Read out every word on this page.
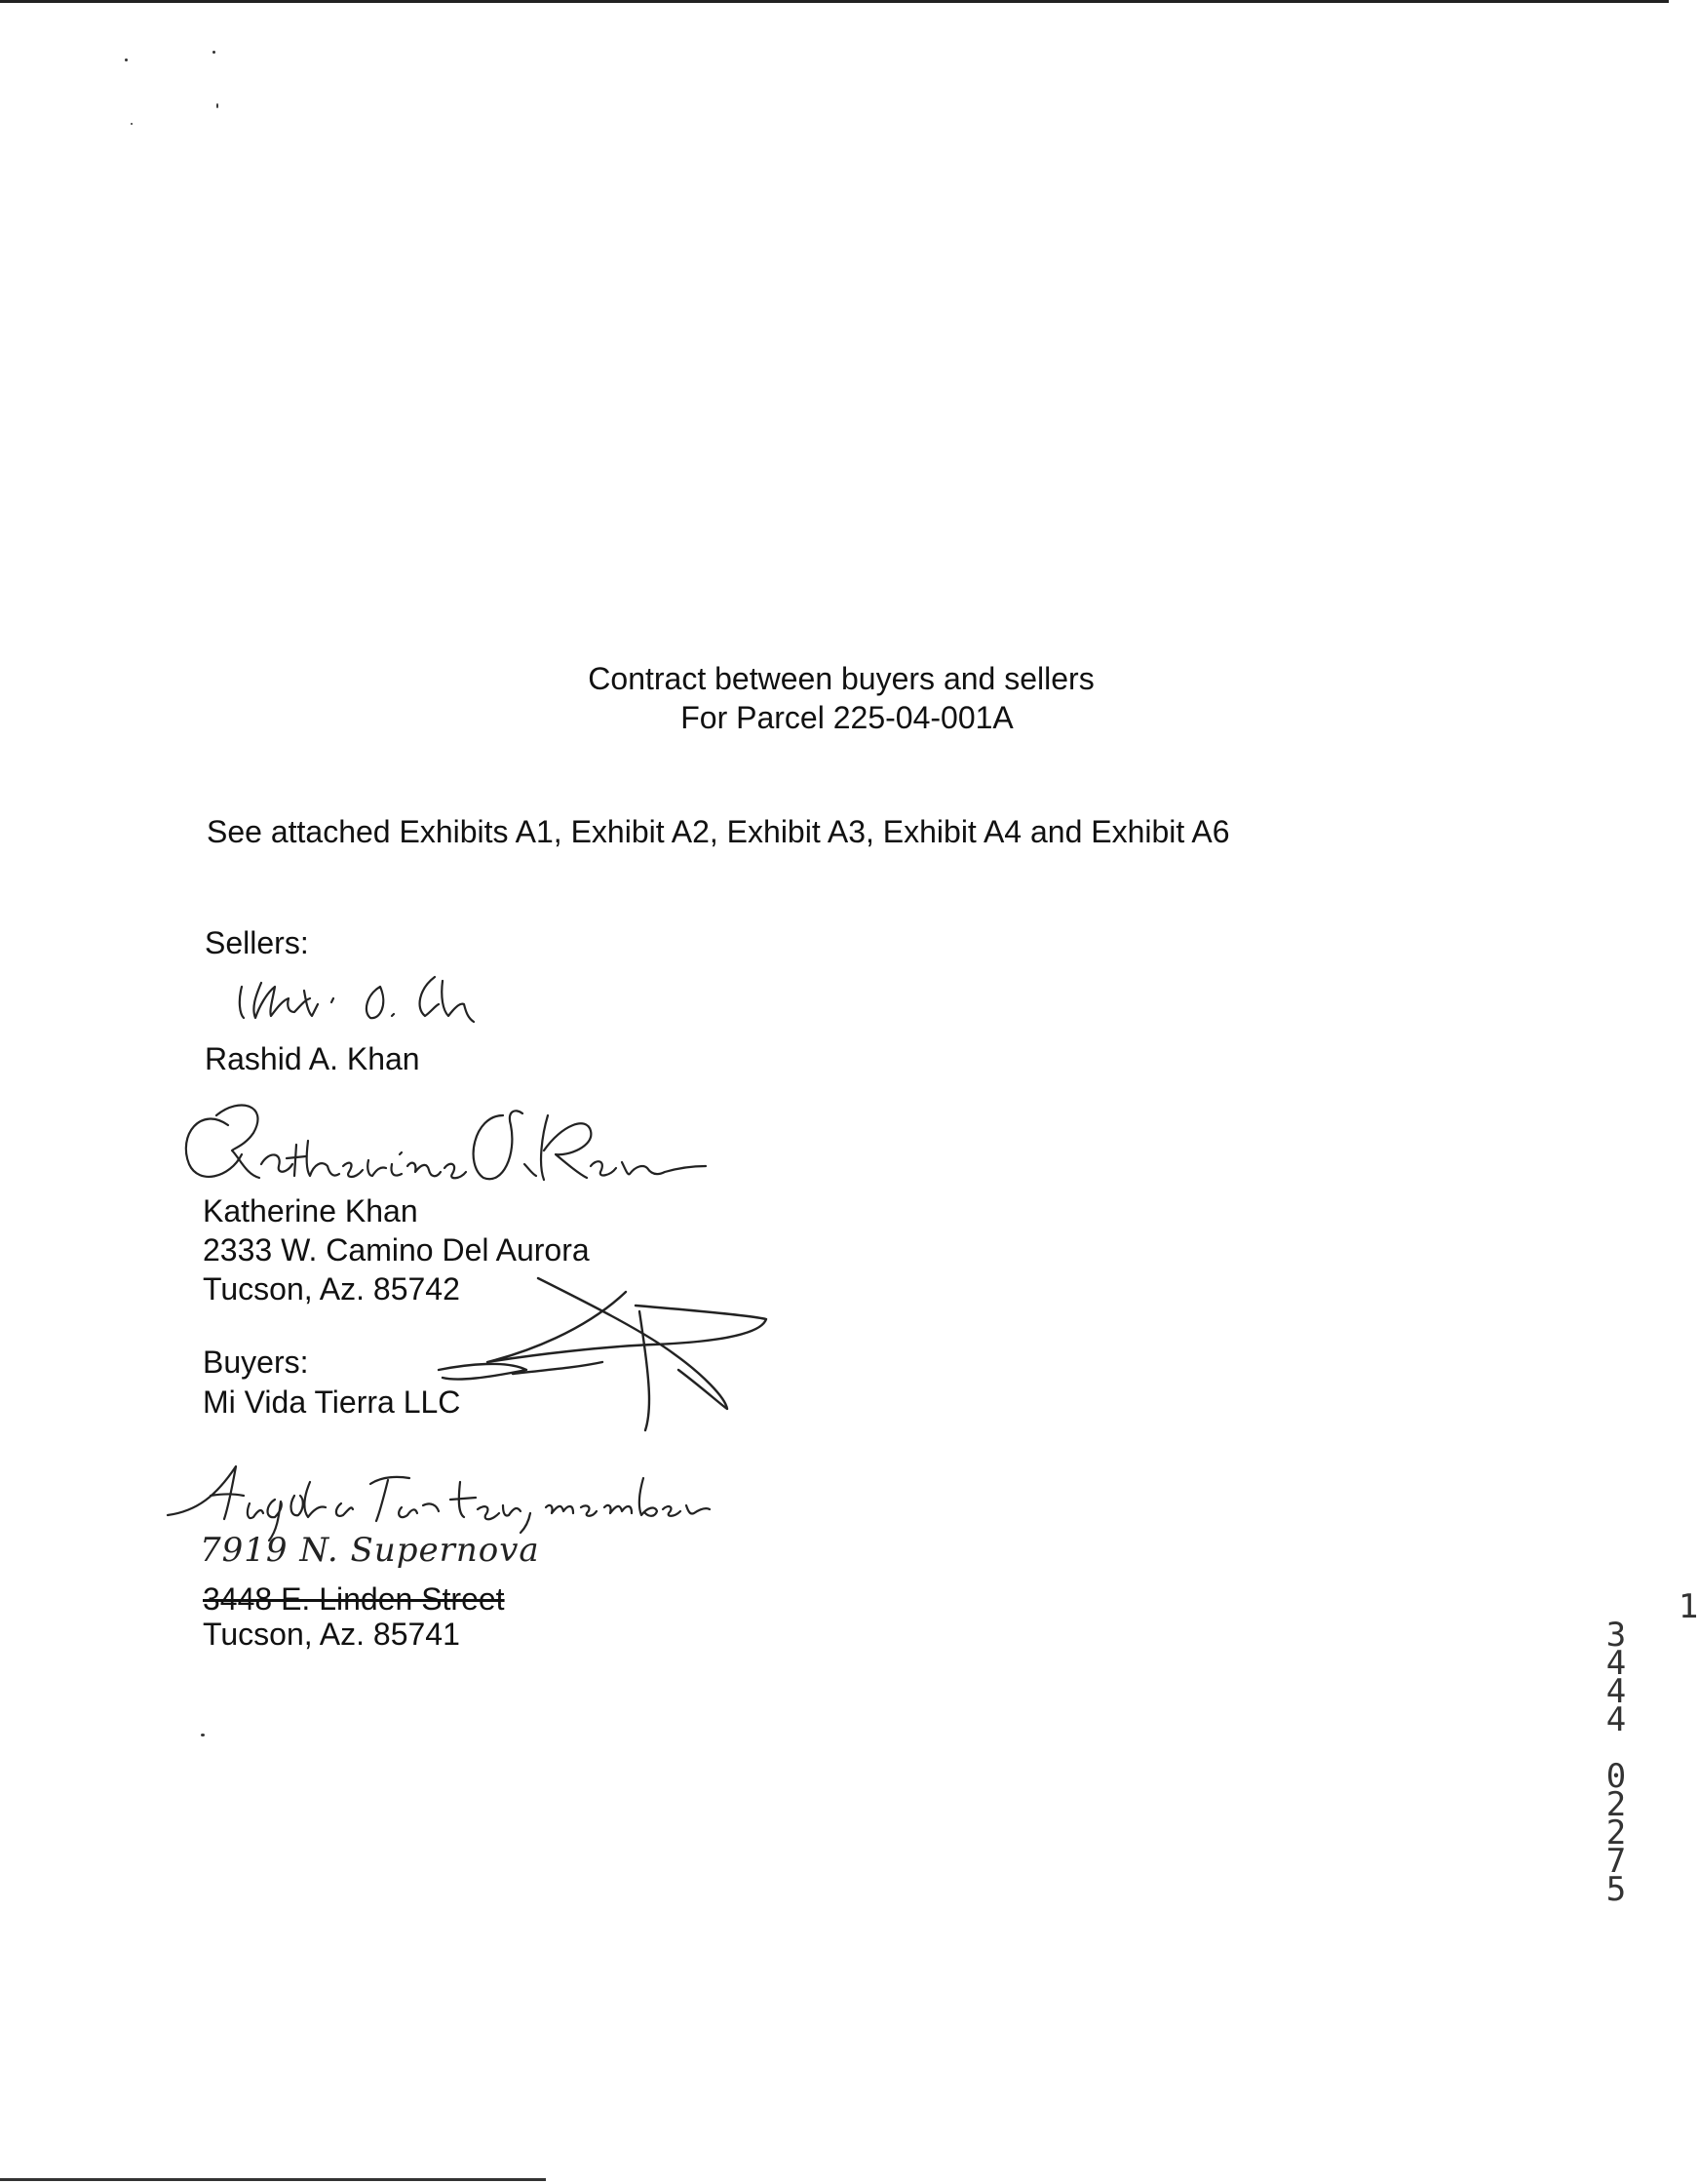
Contract between buyers and sellers
For Parcel 225-04-001A
See attached Exhibits A1, Exhibit A2, Exhibit A3, Exhibit A4 and Exhibit A6
Sellers:
Rashid A. Khan
Katherine Khan
2333 W. Camino Del Aurora
Tucson, Az. 85742
Buyers:
Mi Vida Tierra LLC
7919 N. Supernova
3448 E. Linden Street
Tucson, Az. 85741

1
3
4
4
4

0
2
2
7
5
